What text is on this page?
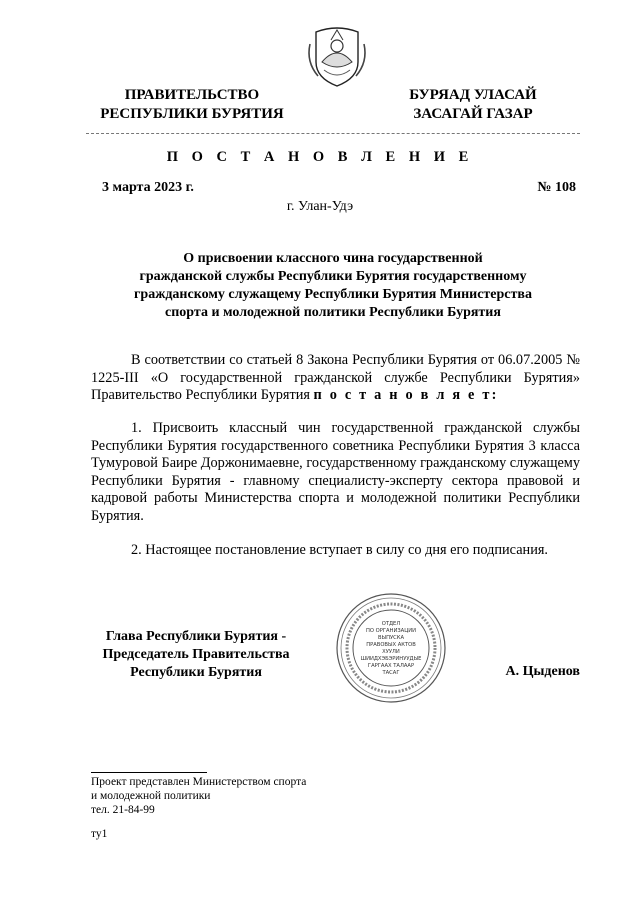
ПРАВИТЕЛЬСТВО
РЕСПУБЛИКИ БУРЯТИЯ
БУРЯАД УЛАСАЙ
ЗАСАГАЙ ГАЗАР
П О С Т А Н О В Л Е Н И Е
3 марта 2023 г.	№ 108
г. Улан-Удэ
О присвоении классного чина государственной
гражданской службы Республики Бурятия государственному
гражданскому служащему Республики Бурятия Министерства
спорта и молодежной политики Республики Бурятия
В соответствии со статьей 8 Закона Республики Бурятия от 06.07.2005 № 1225-III «О государственной гражданской службе Республики Бурятия» Правительство Республики Бурятия п о с т а н о в л я е т:
1. Присвоить классный чин государственной гражданской службы Республики Бурятия государственного советника Республики Бурятия 3 класса Тумуровой Баире Доржонимаевне, государственному гражданскому служащему Республики Бурятия - главному специалисту-эксперту сектора правовой и кадровой работы Министерства спорта и молодежной политики Республики Бурятия.
2. Настоящее постановление вступает в силу со дня его подписания.
Глава Республики Бурятия -
Председатель Правительства
Республики Бурятия
ОТДЕЛ
ПО ОРГАНИЗАЦИИ
ВЫПУСКА
ПРАВОВЫХ АКТОВ
ХУУЛИ
ШИИДХЭБЭРИНУУДЫЕ
ГАРГААХ ТАЛААР
ТАСАГ	А. Цыденов
Проект представлен Министерством спорта
и молодежной политики
тел. 21-84-99
ту1
